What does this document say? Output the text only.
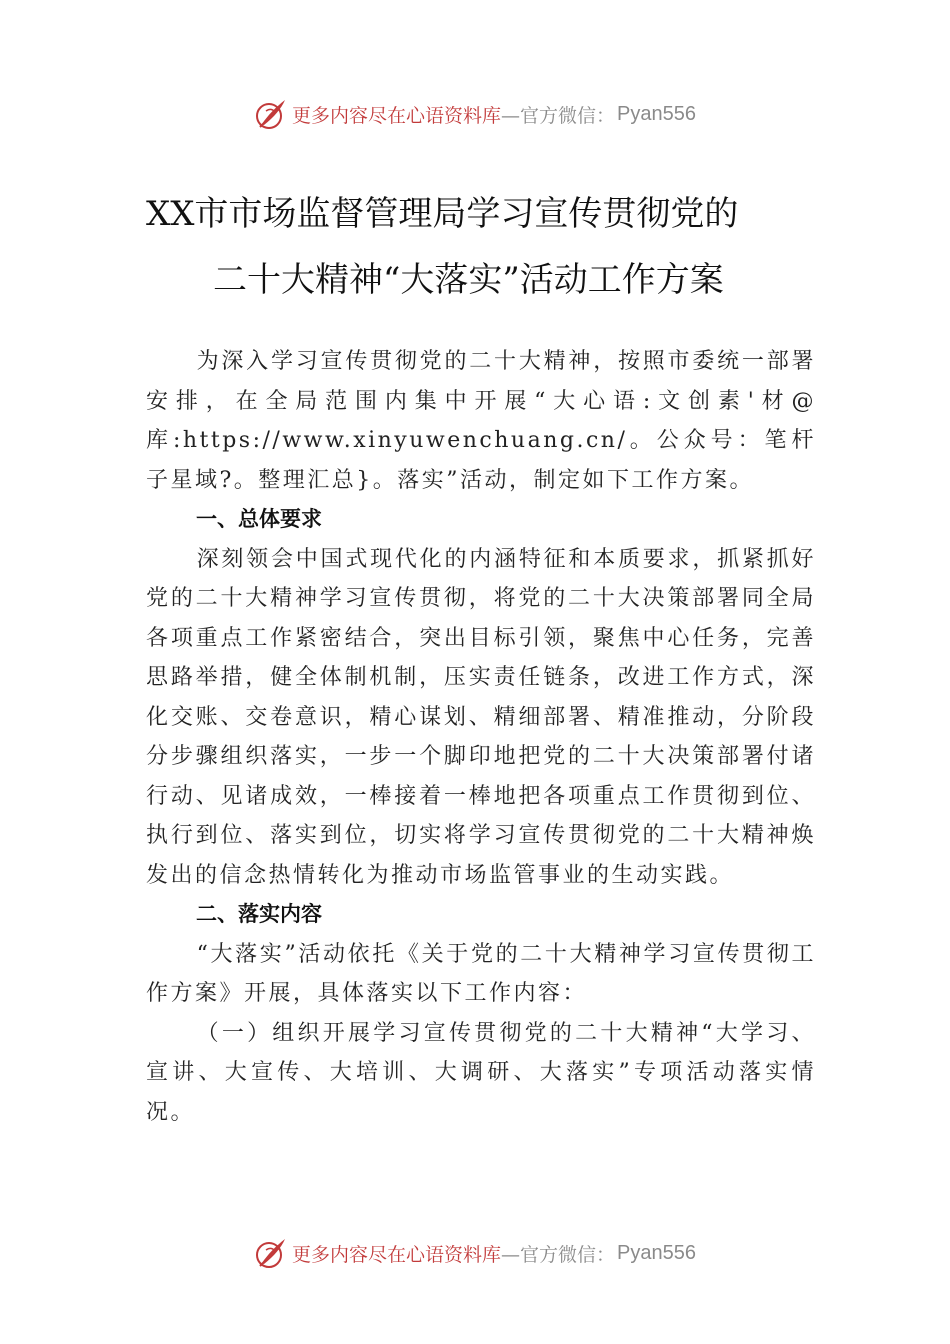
更多内容尽在心语资料库 —官方微信： Pyan556
XX市市场监督管理局学习宣传贯彻党的
二十大精神“大落实”活动工作方案

为深入学习宣传贯彻党的二十大精神，按照市委统一部署安排，在全局范围内集中开展“大心语:文创素'材@库:https://www.xinyuwenchuang.cn/。公众号：笔杆子星域?。整理汇总}。落实”活动，制定如下工作方案。

一、总体要求

深刻领会中国式现代化的内涵特征和本质要求，抓紧抓好党的二十大精神学习宣传贯彻，将党的二十大决策部署同全局各项重点工作紧密结合，突出目标引领，聚焦中心任务，完善思路举措，健全体制机制，压实责任链条，改进工作方式，深化交账、交卷意识，精心谋划、精细部署、精准推动，分阶段分步骤组织落实，一步一个脚印地把党的二十大决策部署付诸行动、见诸成效，一棒接着一棒地把各项重点工作贯彻到位、执行到位、落实到位，切实将学习宣传贯彻党的二十大精神焕发出的信念热情转化为推动市场监管事业的生动实践。

二、落实内容

“大落实”活动依托《关于党的二十大精神学习宣传贯彻工作方案》开展，具体落实以下工作内容：

（一）组织开展学习宣传贯彻党的二十大精神“大学习、宣讲、大宣传、大培训、大调研、大落实”专项活动落实情况。

更多内容尽在心语资料库 —官方微信： Pyan556
